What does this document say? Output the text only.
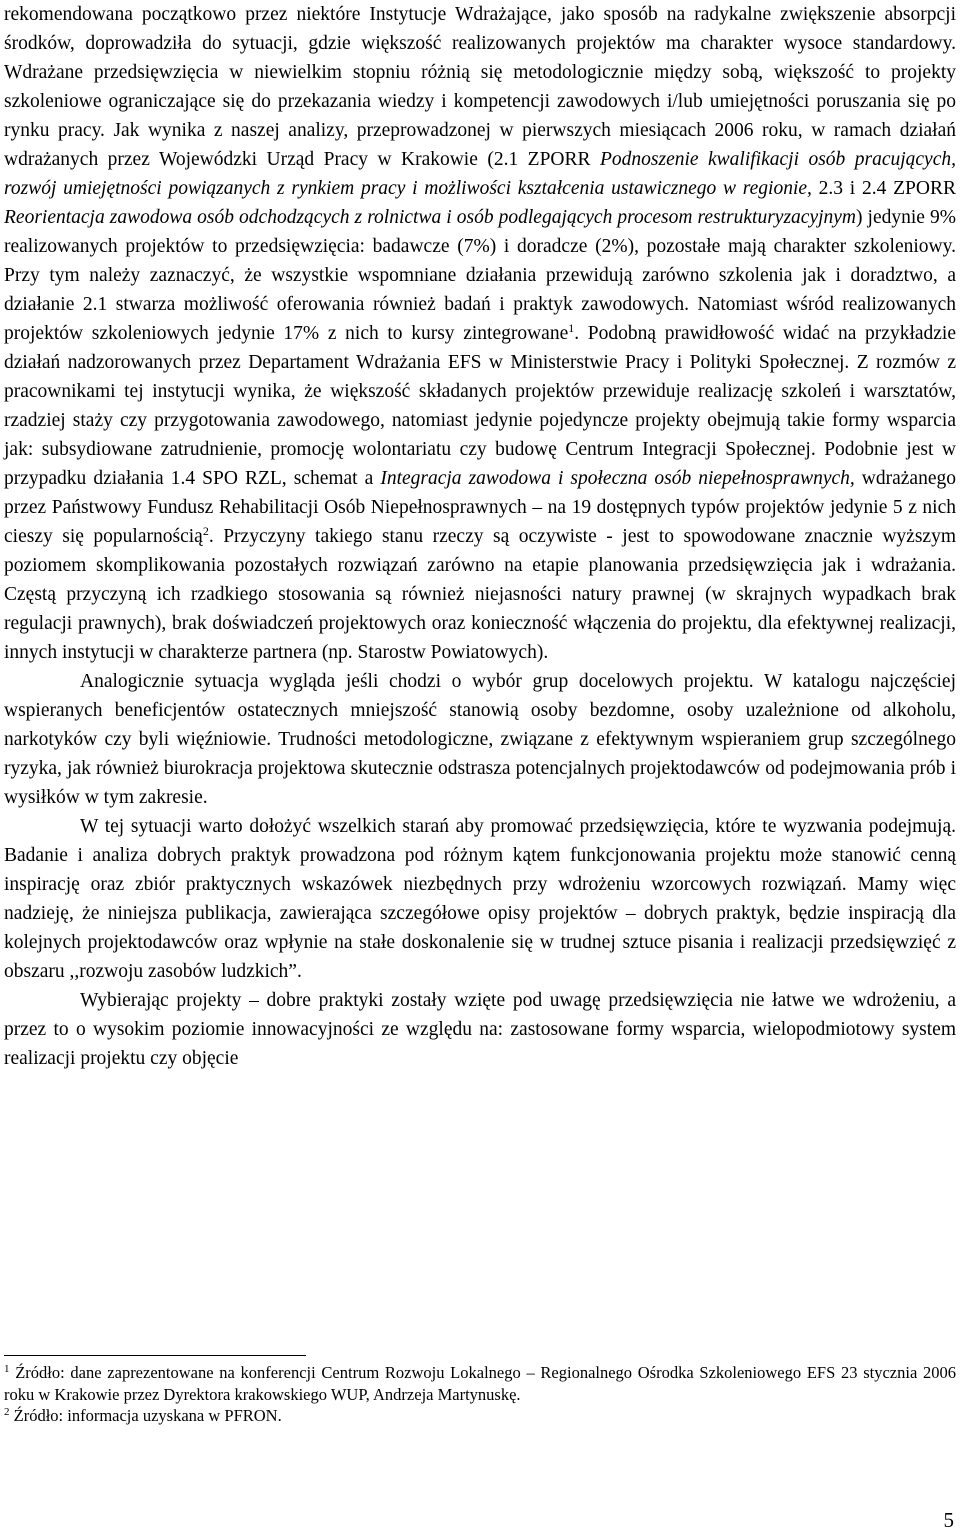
rekomendowana początkowo przez niektóre Instytucje Wdrażające, jako sposób na radykalne zwiększenie absorpcji środków, doprowadziła do sytuacji, gdzie większość realizowanych projektów ma charakter wysoce standardowy. Wdrażane przedsięwzięcia w niewielkim stopniu różnią się metodologicznie między sobą, większość to projekty szkoleniowe ograniczające się do przekazania wiedzy i kompetencji zawodowych i/lub umiejętności poruszania się po rynku pracy. Jak wynika z naszej analizy, przeprowadzonej w pierwszych miesiącach 2006 roku, w ramach działań wdrażanych przez Wojewódzki Urząd Pracy w Krakowie (2.1 ZPORR Podnoszenie kwalifikacji osób pracujących, rozwój umiejętności powiązanych z rynkiem pracy i możliwości kształcenia ustawicznego w regionie, 2.3 i 2.4 ZPORR Reorientacja zawodowa osób odchodzących z rolnictwa i osób podlegających procesom restrukturyzacyjnym) jedynie 9% realizowanych projektów to przedsięwzięcia: badawcze (7%) i doradcze (2%), pozostałe mają charakter szkoleniowy. Przy tym należy zaznaczyć, że wszystkie wspomniane działania przewidują zarówno szkolenia jak i doradztwo, a działanie 2.1 stwarza możliwość oferowania również badań i praktyk zawodowych. Natomiast wśród realizowanych projektów szkoleniowych jedynie 17% z nich to kursy zintegrowane$^1$. Podobną prawidłowość widać na przykładzie działań nadzorowanych przez Departament Wdrażania EFS w Ministerstwie Pracy i Polityki Społecznej. Z rozmów z pracownikami tej instytucji wynika, że większość składanych projektów przewiduje realizację szkoleń i warsztatów, rzadziej staży czy przygotowania zawodowego, natomiast jedynie pojedyncze projekty obejmują takie formy wsparcia jak: subsydiowane zatrudnienie, promocję wolontariatu czy budowę Centrum Integracji Społecznej. Podobnie jest w przypadku działania 1.4 SPO RZL, schemat a Integracja zawodowa i społeczna osób niepełnosprawnych, wdrażanego przez Państwowy Fundusz Rehabilitacji Osób Niepełnosprawnych – na 19 dostępnych typów projektów jedynie 5 z nich cieszy się popularnością$^2$. Przyczyny takiego stanu rzeczy są oczywiste - jest to spowodowane znacznie wyższym poziomem skomplikowania pozostałych rozwiązań zarówno na etapie planowania przedsięwzięcia jak i wdrażania. Częstą przyczyną ich rzadkiego stosowania są również niejasności natury prawnej (w skrajnych wypadkach brak regulacji prawnych), brak doświadczeń projektowych oraz konieczność włączenia do projektu, dla efektywnej realizacji, innych instytucji w charakterze partnera (np. Starostw Powiatowych).

Analogicznie sytuacja wygląda jeśli chodzi o wybór grup docelowych projektu. W katalogu najczęściej wspieranych beneficjentów ostatecznych mniejszość stanowią osoby bezdomne, osoby uzależnione od alkoholu, narkotyków czy byli więźniowie. Trudności metodologiczne, związane z efektywnym wspieraniem grup szczególnego ryzyka, jak również biurokracja projektowa skutecznie odstrasza potencjalnych projektodawców od podejmowania prób i wysiłków w tym zakresie.

W tej sytuacji warto dołożyć wszelkich starań aby promować przedsięwzięcia, które te wyzwania podejmują. Badanie i analiza dobrych praktyk prowadzona pod różnym kątem funkcjonowania projektu może stanowić cenną inspirację oraz zbiór praktycznych wskazówek niezbędnych przy wdrożeniu wzorcowych rozwiązań. Mamy więc nadzieję, że niniejsza publikacja, zawierająca szczegółowe opisy projektów – dobrych praktyk, będzie inspiracją dla kolejnych projektodawców oraz wpłynie na stałe doskonalenie się w trudnej sztuce pisania i realizacji przedsięwzięć z obszaru ,,rozwoju zasobów ludzkich”.

Wybierając projekty – dobre praktyki zostały wzięte pod uwagę przedsięwzięcia nie łatwe we wdrożeniu, a przez to o wysokim poziomie innowacyjności ze względu na: zastosowane formy wsparcia, wielopodmiotowy system realizacji projektu czy objęcie

$^1$ Źródło: dane zaprezentowane na konferencji Centrum Rozwoju Lokalnego – Regionalnego Ośrodka Szkoleniowego EFS 23 stycznia 2006 roku w Krakowie przez Dyrektora krakowskiego WUP, Andrzeja Martynuskę.

$^2$ Źródło: informacja uzyskana w PFRON.

5
